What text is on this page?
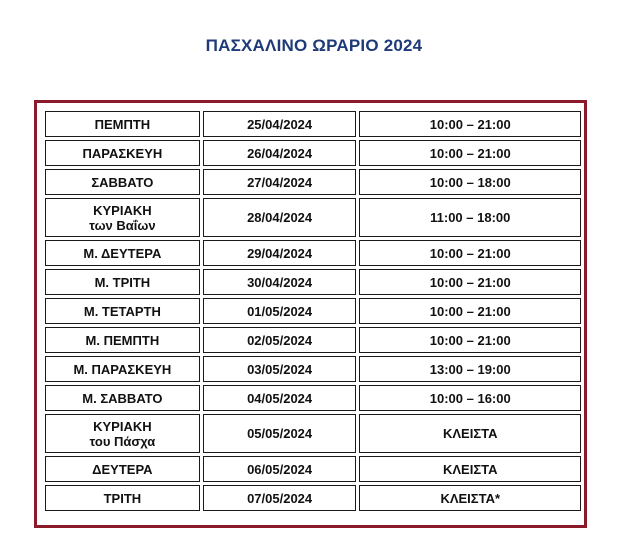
ΠΑΣΧΑΛΙΝΟ ΩΡΑΡΙΟ 2024
ΠΕΜΠΤΗ	25/04/2024	10:00 – 21:00

ΠΑΡΑΣΚΕΥΗ	26/04/2024	10:00 – 21:00

ΣΑΒΒΑΤΟ	27/04/2024	10:00 – 18:00

ΚΥΡΙΑΚΗ
των Βαΐων	28/04/2024	11:00 – 18:00

Μ. ΔΕΥΤΕΡΑ	29/04/2024	10:00 – 21:00

Μ. ΤΡΙΤΗ	30/04/2024	10:00 – 21:00

Μ. ΤΕΤΑΡΤΗ	01/05/2024	10:00 – 21:00

Μ. ΠΕΜΠΤΗ	02/05/2024	10:00 – 21:00

Μ. ΠΑΡΑΣΚΕΥΗ	03/05/2024	13:00 – 19:00

Μ. ΣΑΒΒΑΤΟ	04/05/2024	10:00 – 16:00

ΚΥΡΙΑΚΗ
του Πάσχα	05/05/2024	ΚΛΕΙΣΤΑ

ΔΕΥΤΕΡΑ	06/05/2024	ΚΛΕΙΣΤΑ

ΤΡΙΤΗ	07/05/2024	ΚΛΕΙΣΤΑ*
